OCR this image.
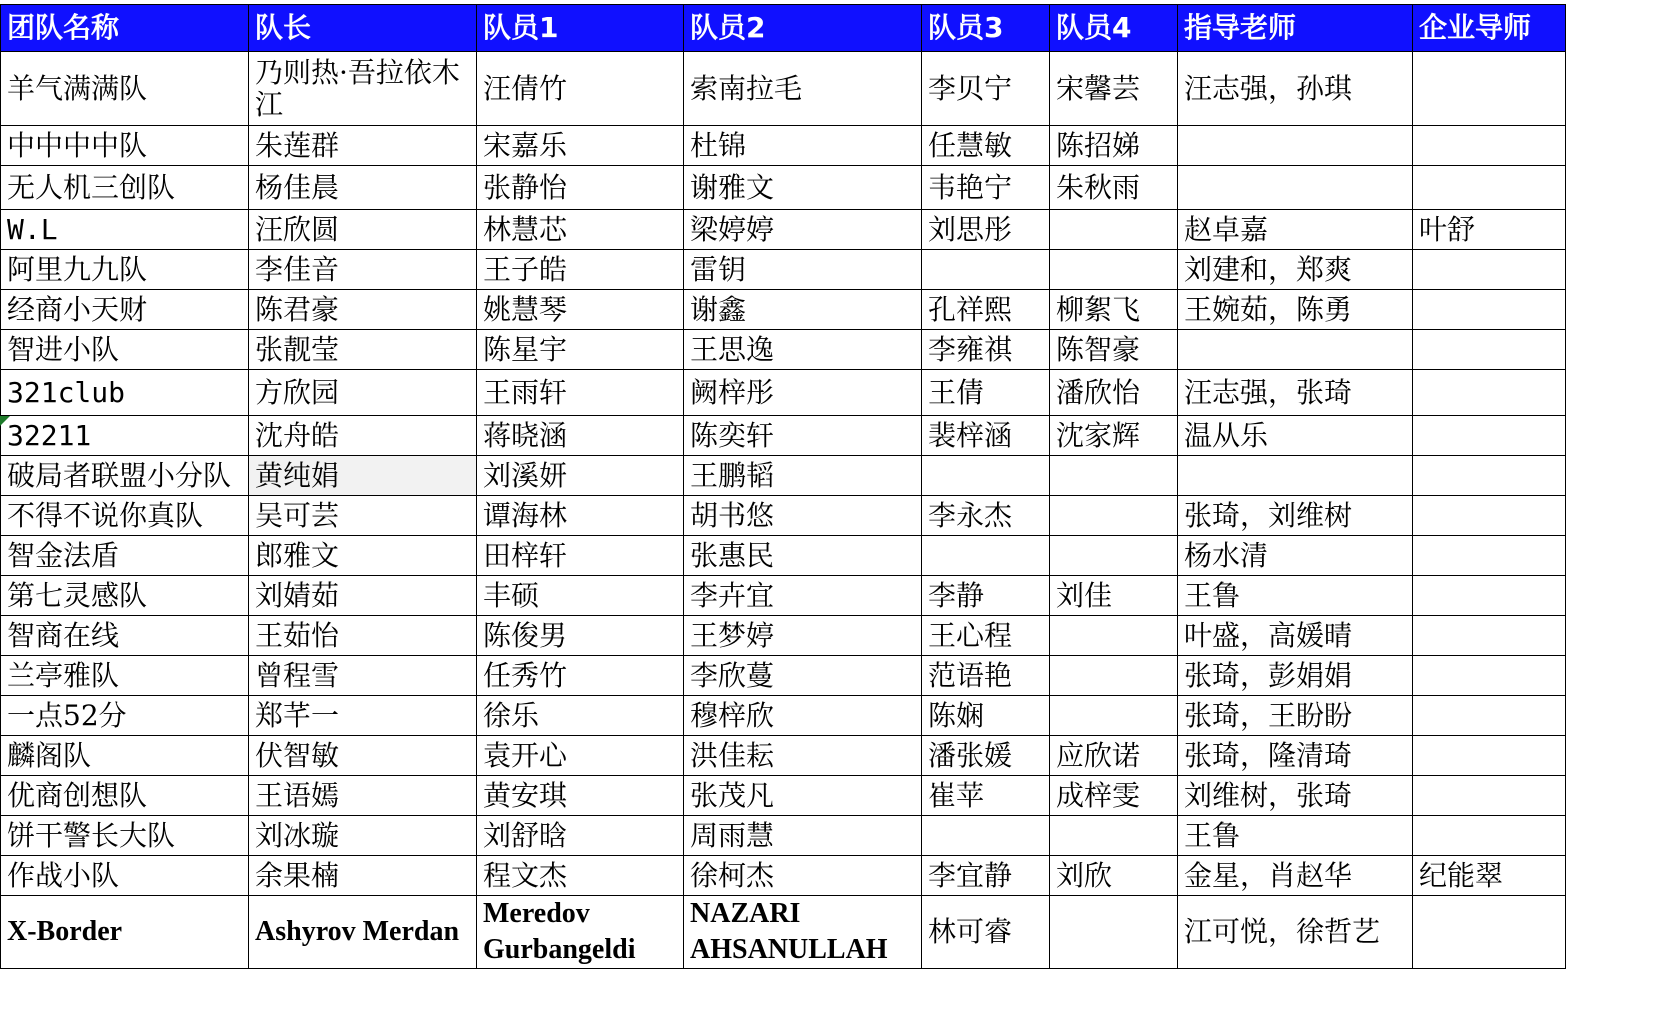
团队名称	队长	队员1	队员2	队员3	队员4	指导老师	企业导师
羊气满满队	乃则热·吾拉依木江	汪倩竹	索南拉毛	李贝宁	宋馨芸	汪志强，孙琪	
中中中中队	朱莲群	宋嘉乐	杜锦	任慧敏	陈招娣		
无人机三创队	杨佳晨	张静怡	谢雅文	韦艳宁	朱秋雨		
W.L	汪欣圆	林慧芯	梁婷婷	刘思彤		赵卓嘉	叶舒
阿里九九队	李佳音	王子皓	雷钥			刘建和，郑爽	
经商小天财	陈君豪	姚慧琴	谢鑫	孔祥熙	柳絮飞	王婉茹，陈勇	
智进小队	张靓莹	陈星宇	王思逸	李雍祺	陈智豪		
321club	方欣园	王雨轩	阙梓彤	王倩	潘欣怡	汪志强，张琦	
32211	沈舟皓	蒋晓涵	陈奕轩	裴梓涵	沈家辉	温从乐	
破局者联盟小分队	黄纯娟	刘溪妍	王鹏韬				
不得不说你真队	吴可芸	谭海林	胡书悠	李永杰		张琦，刘维树	
智金法盾	郎雅文	田梓轩	张惠民			杨水清	
第七灵感队	刘婧茹	丰硕	李卉宜	李静	刘佳	王鲁	
智商在线	王茹怡	陈俊男	王梦婷	王心程		叶盛，高媛晴	
兰亭雅队	曾程雪	任秀竹	李欣蔓	范语艳		张琦，彭娟娟	
一点52分	郑芊一	徐乐	穆梓欣	陈娴		张琦，王盼盼	
麟阁队	伏智敏	袁开心	洪佳耘	潘张媛	应欣诺	张琦，隆清琦	
优商创想队	王语嫣	黄安琪	张茂凡	崔苹	成梓雯	刘维树，张琦	
饼干警长大队	刘冰璇	刘舒晗	周雨慧			王鲁	
作战小队	余果楠	程文杰	徐柯杰	李宜静	刘欣	金星，肖赵华	纪能翠
X-Border	Ashyrov Merdan	Meredov Gurbangeldi	NAZARI AHSANULLAH	林可睿		江可悦，徐哲艺	
